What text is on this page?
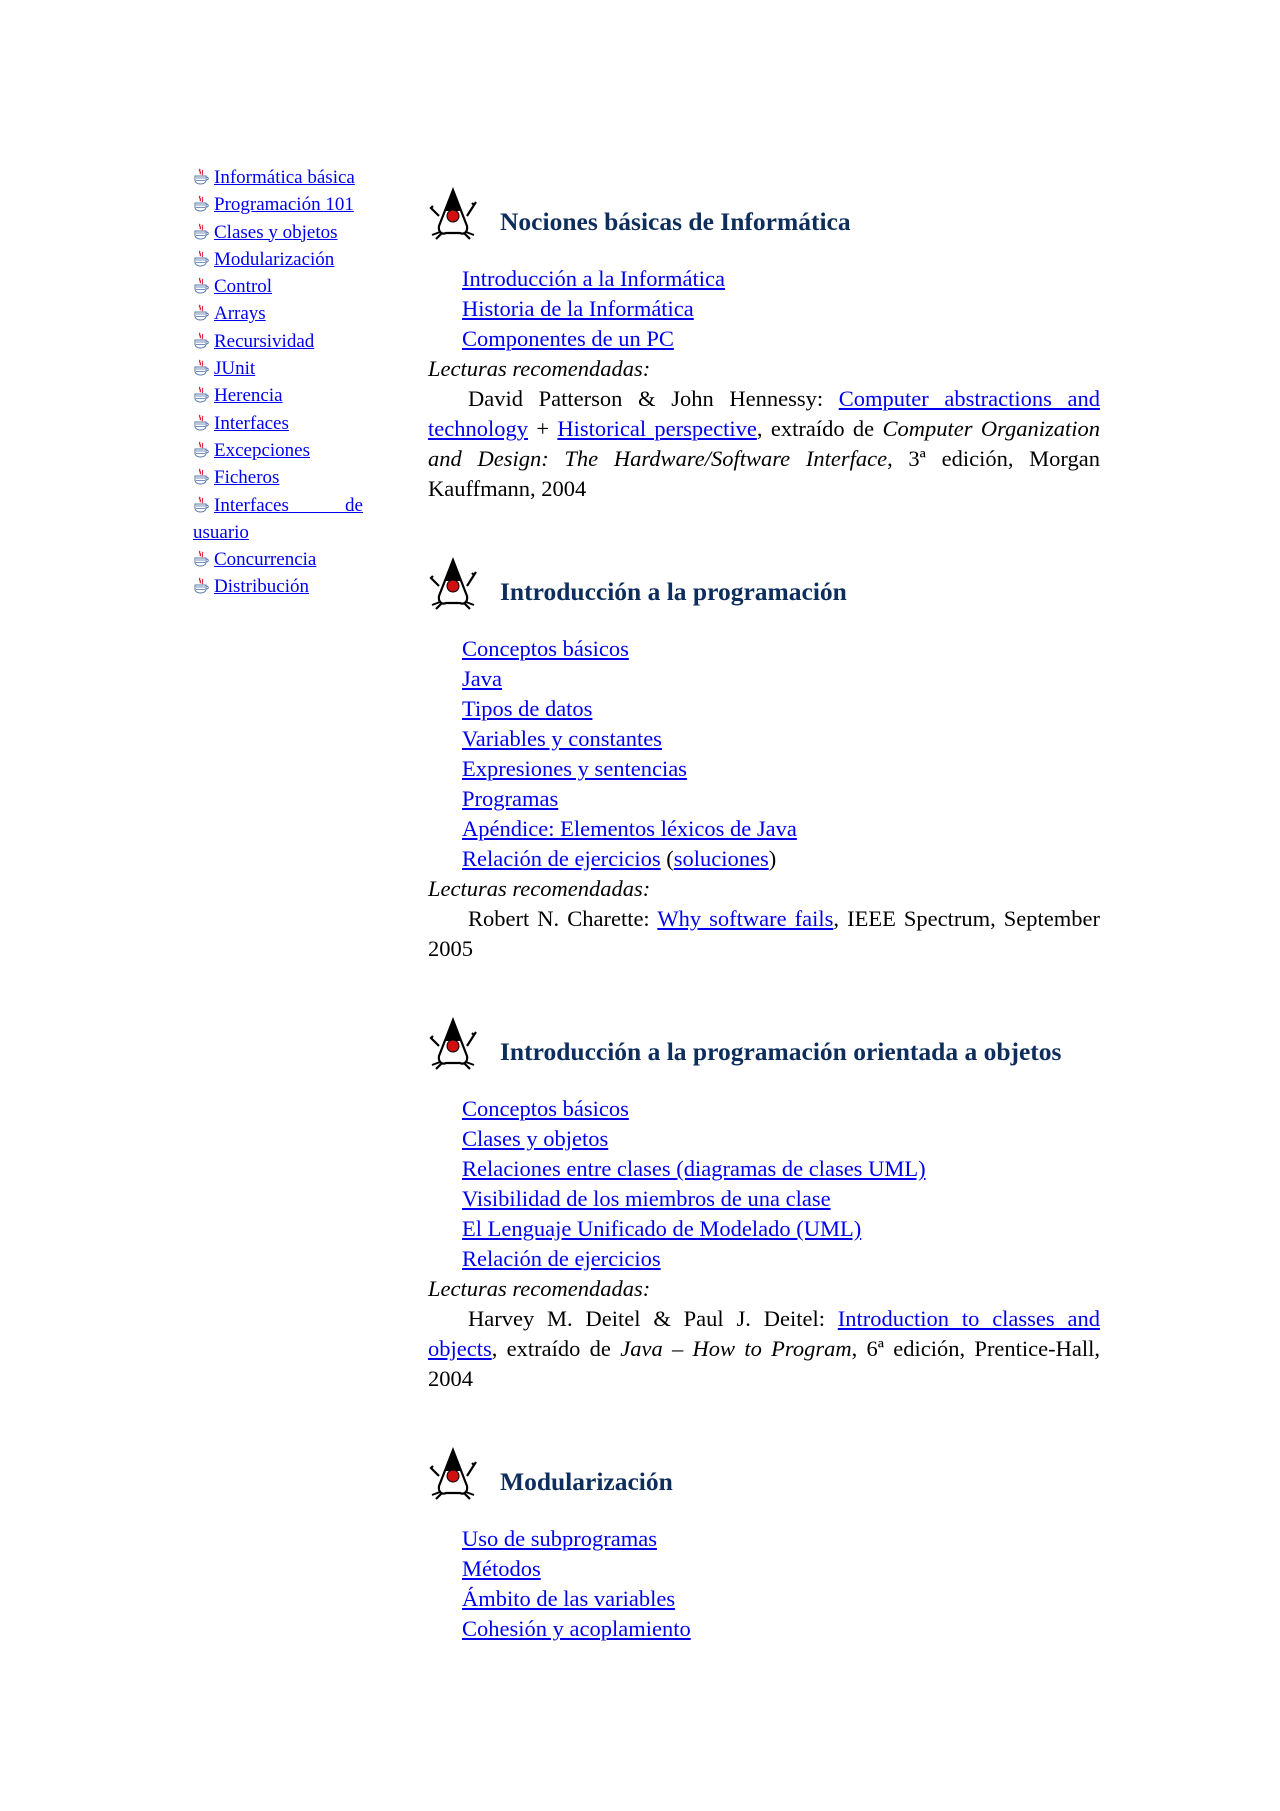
Informática básica
Programación 101
Clases y objetos
Modularización
Control
Arrays
Recursividad
JUnit
Herencia
Interfaces
Excepciones
Ficheros
Interfaces de usuario
Concurrencia
Distribución
Nociones básicas de Informática
Introducción a la Informática
Historia de la Informática
Componentes de un PC
Lecturas recomendadas:
David Patterson & John Hennessy: Computer abstractions and technology + Historical perspective, extraído de Computer Organization and Design: The Hardware/Software Interface, 3ª edición, Morgan Kauffmann, 2004
Introducción a la programación
Conceptos básicos
Java
Tipos de datos
Variables y constantes
Expresiones y sentencias
Programas
Apéndice: Elementos léxicos de Java
Relación de ejercicios (soluciones)
Lecturas recomendadas:
Robert N. Charette: Why software fails, IEEE Spectrum, September 2005
Introducción a la programación orientada a objetos
Conceptos básicos
Clases y objetos
Relaciones entre clases (diagramas de clases UML)
Visibilidad de los miembros de una clase
El Lenguaje Unificado de Modelado (UML)
Relación de ejercicios
Lecturas recomendadas:
Harvey M. Deitel & Paul J. Deitel: Introduction to classes and objects, extraído de Java – How to Program, 6ª edición, Prentice-Hall, 2004
Modularización
Uso de subprogramas
Métodos
Ámbito de las variables
Cohesión y acoplamiento
